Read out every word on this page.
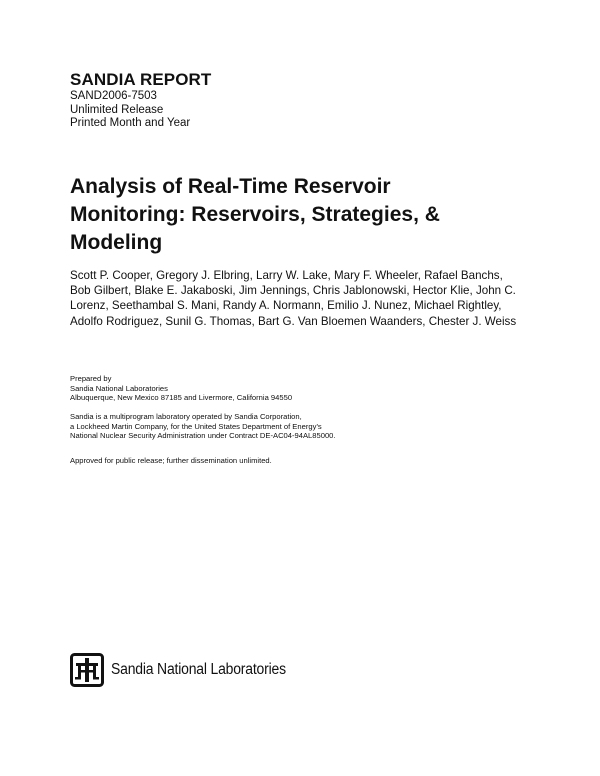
SANDIA REPORT
SAND2006-7503
Unlimited Release
Printed Month and Year
Analysis of Real-Time Reservoir
Monitoring: Reservoirs, Strategies, &
Modeling

Scott P. Cooper, Gregory J. Elbring, Larry W. Lake, Mary F. Wheeler, Rafael Banchs,
Bob Gilbert, Blake E. Jakaboski, Jim Jennings, Chris Jablonowski, Hector Klie, John C.
Lorenz, Seethambal S. Mani, Randy A. Normann, Emilio J. Nunez, Michael Rightley,
Adolfo Rodriguez, Sunil G. Thomas, Bart G. Van Bloemen Waanders, Chester J. Weiss

Prepared by
Sandia National Laboratories
Albuquerque, New Mexico 87185 and Livermore, California 94550

Sandia is a multiprogram laboratory operated by Sandia Corporation,
a Lockheed Martin Company, for the United States Department of Energy’s
National Nuclear Security Administration under Contract DE-AC04-94AL85000.

Approved for public release; further dissemination unlimited.

Sandia National Laboratories
